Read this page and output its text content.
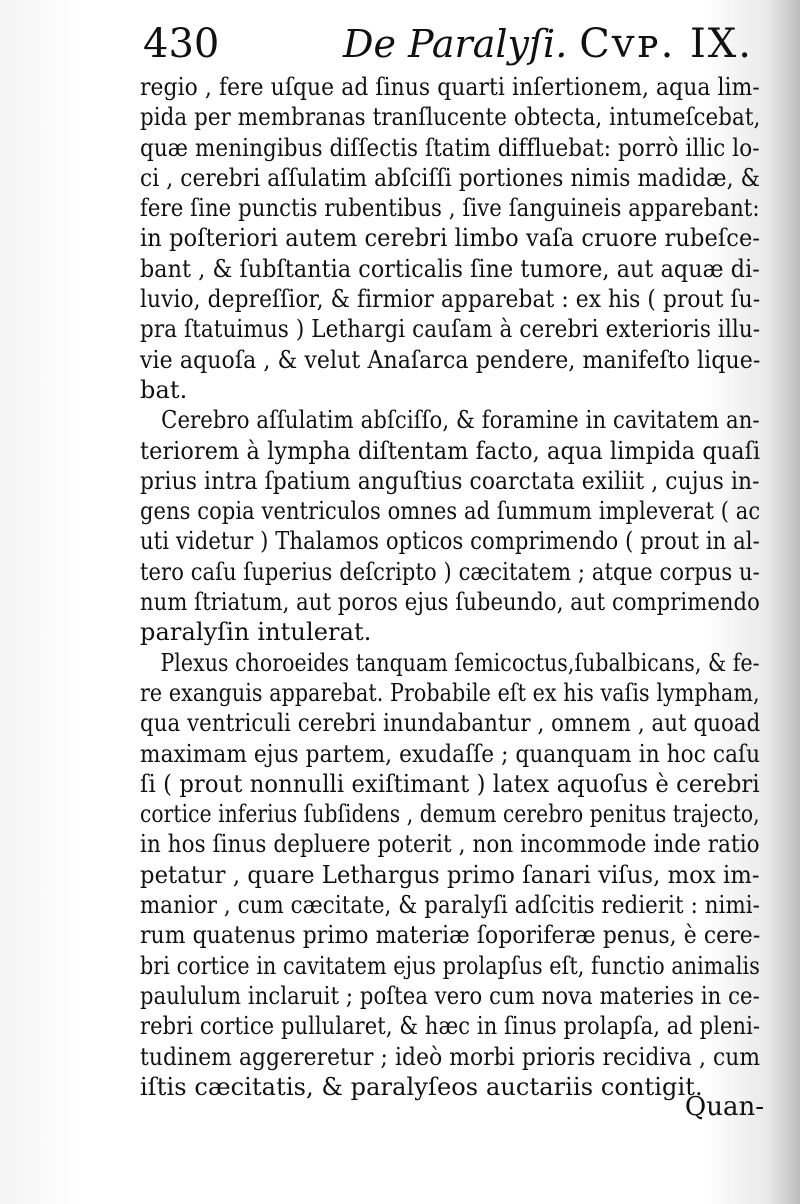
430	De Paralyſi. Cᴠᴘ. IX.
regio , fere uſque ad ſinus quarti inſertionem, aqua lim-
pida per membranas tranſlucente obtecta, intumeſcebat,
quæ meningibus diſſectis ſtatim diffluebat: porrò illic lo-
ci , cerebri aſſulatim abſciſſi portiones nimis madidæ, &
fere ſine punctis rubentibus , ſive ſanguineis apparebant:
in poſteriori autem cerebri limbo vaſa cruore rubeſce-
bant , & ſubſtantia corticalis ſine tumore, aut aquæ di-
luvio, depreſſior, & firmior apparebat : ex his ( prout ſu-
pra ſtatuimus ) Lethargi cauſam à cerebri exterioris illu-
vie aquoſa , & velut Anaſarca pendere, manifeſto lique-
bat.
Cerebro aſſulatim abſciſſo, & foramine in cavitatem an-
teriorem à lympha diſtentam facto, aqua limpida quaſi
prius intra ſpatium anguſtius coarctata exiliit , cujus in-
gens copia ventriculos omnes ad ſummum impleverat ( ac
uti videtur ) Thalamos opticos comprimendo ( prout in al-
tero caſu ſuperius deſcripto ) cæcitatem ; atque corpus u-
num ſtriatum, aut poros ejus ſubeundo, aut comprimendo
paralyſin intulerat.
Plexus choroeides tanquam ſemicoctus,ſubalbicans, & fe-
re exanguis apparebat. Probabile eſt ex his vaſis lympham,
qua ventriculi cerebri inundabantur , omnem , aut quoad
maximam ejus partem, exudaſſe ; quanquam in hoc caſu
ſi ( prout nonnulli exiſtimant ) latex aquoſus è cerebri
cortice inferius ſubſidens , demum cerebro penitus trajecto,
in hos ſinus depluere poterit , non incommode inde ratio
petatur , quare Lethargus primo ſanari viſus, mox im-
manior , cum cæcitate, & paralyſi adſcitis redierit : nimi-
rum quatenus primo materiæ ſoporiferæ penus, è cere-
bri cortice in cavitatem ejus prolapſus eſt, functio animalis
paululum inclaruit ; poſtea vero cum nova materies in ce-
rebri cortice pullularet, & hæc in ſinus prolapſa, ad pleni-
tudinem aggereretur ; ideò morbi prioris recidiva , cum
iſtis cæcitatis, & paralyſeos auctariis contigit.
Quan-
